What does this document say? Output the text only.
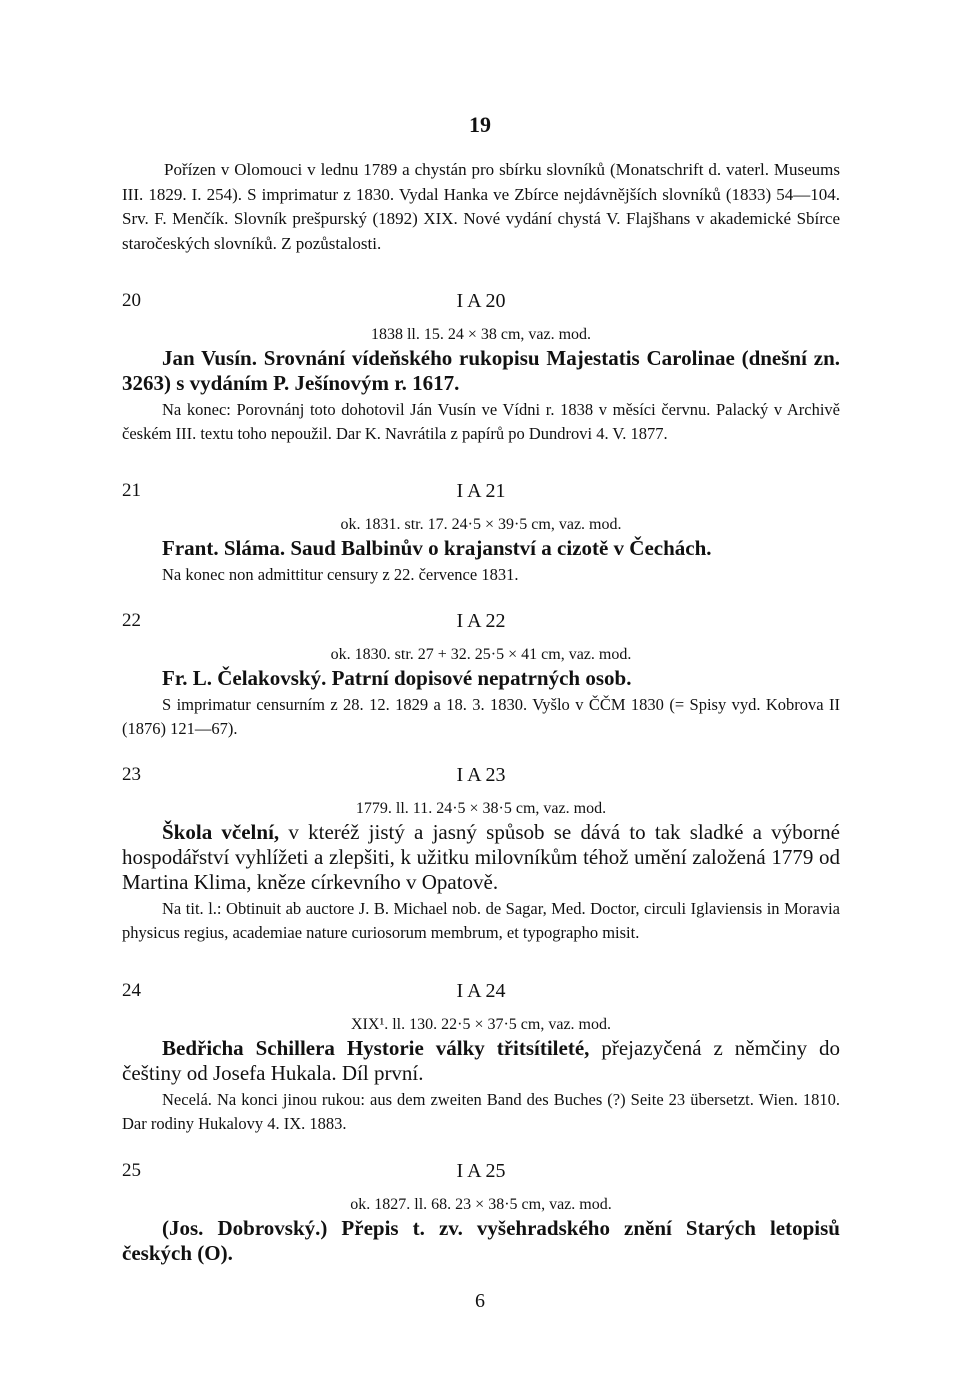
19
Pořízen v Olomouci v lednu 1789 a chystán pro sbírku slovníků (Monatschrift d. vaterl. Museums III. 1829. I. 254). S imprimatur z 1830. Vydal Hanka ve Zbírce nejdávnějších slovníků (1833) 54—104. Srv. F. Menčík. Slovník prešpurský (1892) XIX. Nové vydání chystá V. Flajšhans v akademické Sbírce staročeských slovníků. Z pozůstalosti.
20	I A 20
1838 ll. 15. 24 × 38 cm, vaz. mod.
Jan Vusín. Srovnání vídeňského rukopisu Majestatis Carolinae (dnešní zn. 3263) s vydáním P. Ješínovým r. 1617.
Na konec: Porovnánj toto dohotovil Ján Vusín ve Vídni r. 1838 v měsíci červnu. Palacký v Archivě českém III. textu toho nepoužil. Dar K. Navrátila z papírů po Dundrovi 4. V. 1877.
21	I A 21
ok. 1831. str. 17. 24·5 × 39·5 cm, vaz. mod.
Frant. Sláma. Saud Balbinův o krajanství a cizotě v Čechách.
Na konec non admittitur censury z 22. července 1831.
22	I A 22
ok. 1830. str. 27 + 32. 25·5 × 41 cm, vaz. mod.
Fr. L. Čelakovský. Patrní dopisové nepatrných osob.
S imprimatur censurním z 28. 12. 1829 a 18. 3. 1830. Vyšlo v ČČM 1830 (= Spisy vyd. Kobrova II (1876) 121—67).
23	I A 23
1779. ll. 11. 24·5 × 38·5 cm, vaz. mod.
Škola včelní, v kteréž jistý a jasný spůsob se dává to tak sladké a výborné hospodářství vyhlížeti a zlepšiti, k užitku milovníkům téhož umění založená 1779 od Martina Klima, kněze církevního v Opatově.
Na tit. l.: Obtinuit ab auctore J. B. Michael nob. de Sagar, Med. Doctor, circuli Iglaviensis in Moravia physicus regius, academiae nature curiosorum membrum, et typographo misit.
24	I A 24
XIX¹. ll. 130. 22·5 × 37·5 cm, vaz. mod.
Bedřicha Schillera Hystorie války třitsítileté, přejazyčená z němčiny do češtiny od Josefa Hukala. Díl první.
Necelá. Na konci jinou rukou: aus dem zweiten Band des Buches (?) Seite 23 übersetzt. Wien. 1810. Dar rodiny Hukalovy 4. IX. 1883.
25	I A 25
ok. 1827. ll. 68. 23 × 38·5 cm, vaz. mod.
(Jos. Dobrovský.) Přepis t. zv. vyšehradského znění Starých letopisů českých (O).
6
